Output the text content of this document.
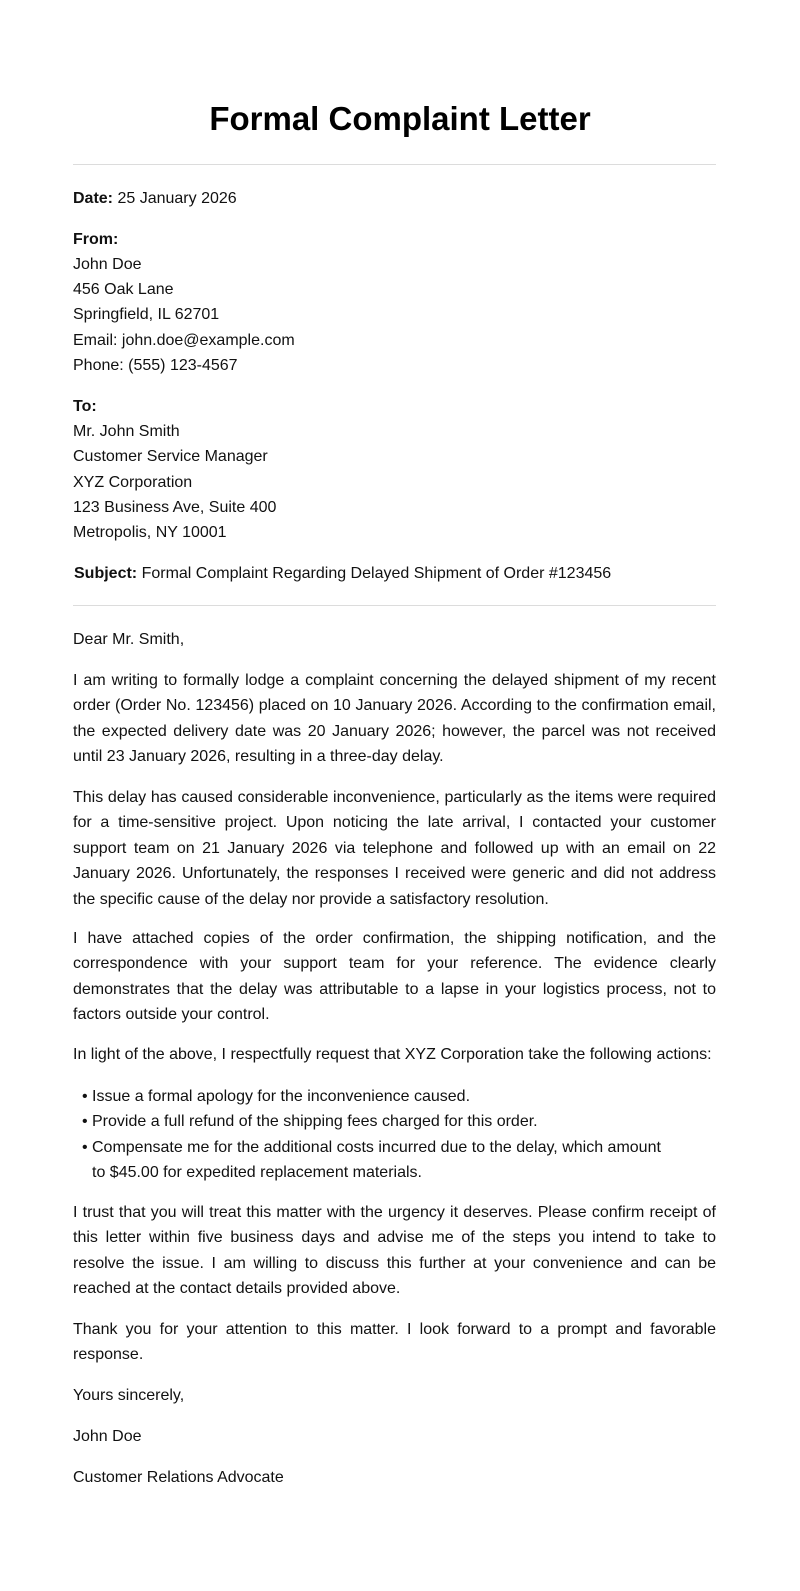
Formal Complaint Letter
Date: 25 January 2026
From:
John Doe
456 Oak Lane
Springfield, IL 62701
Email: john.doe@example.com
Phone: (555) 123-4567
To:
Mr. John Smith
Customer Service Manager
XYZ Corporation
123 Business Ave, Suite 400
Metropolis, NY 10001
Subject: Formal Complaint Regarding Delayed Shipment of Order #123456
Dear Mr. Smith,

I am writing to formally lodge a complaint concerning the delayed shipment of my recent order (Order No. 123456) placed on 10 January 2026. According to the confirmation email, the expected delivery date was 20 January 2026; however, the parcel was not received until 23 January 2026, resulting in a three-day delay.

This delay has caused considerable inconvenience, particularly as the items were required for a time-sensitive project. Upon noticing the late arrival, I contacted your customer support team on 21 January 2026 via telephone and followed up with an email on 22 January 2026. Unfortunately, the responses I received were generic and did not address the specific cause of the delay nor provide a satisfactory resolution.

I have attached copies of the order confirmation, the shipping notification, and the correspondence with your support team for your reference. The evidence clearly demonstrates that the delay was attributable to a lapse in your logistics process, not to factors outside your control.

In light of the above, I respectfully request that XYZ Corporation take the following actions:

• Issue a formal apology for the inconvenience caused.
• Provide a full refund of the shipping fees charged for this order.
• Compensate me for the additional costs incurred due to the delay, which amount to $45.00 for expedited replacement materials.

I trust that you will treat this matter with the urgency it deserves. Please confirm receipt of this letter within five business days and advise me of the steps you intend to take to resolve the issue. I am willing to discuss this further at your convenience and can be reached at the contact details provided above.

Thank you for your attention to this matter. I look forward to a prompt and favorable response.

Yours sincerely,
John Doe
Customer Relations Advocate
